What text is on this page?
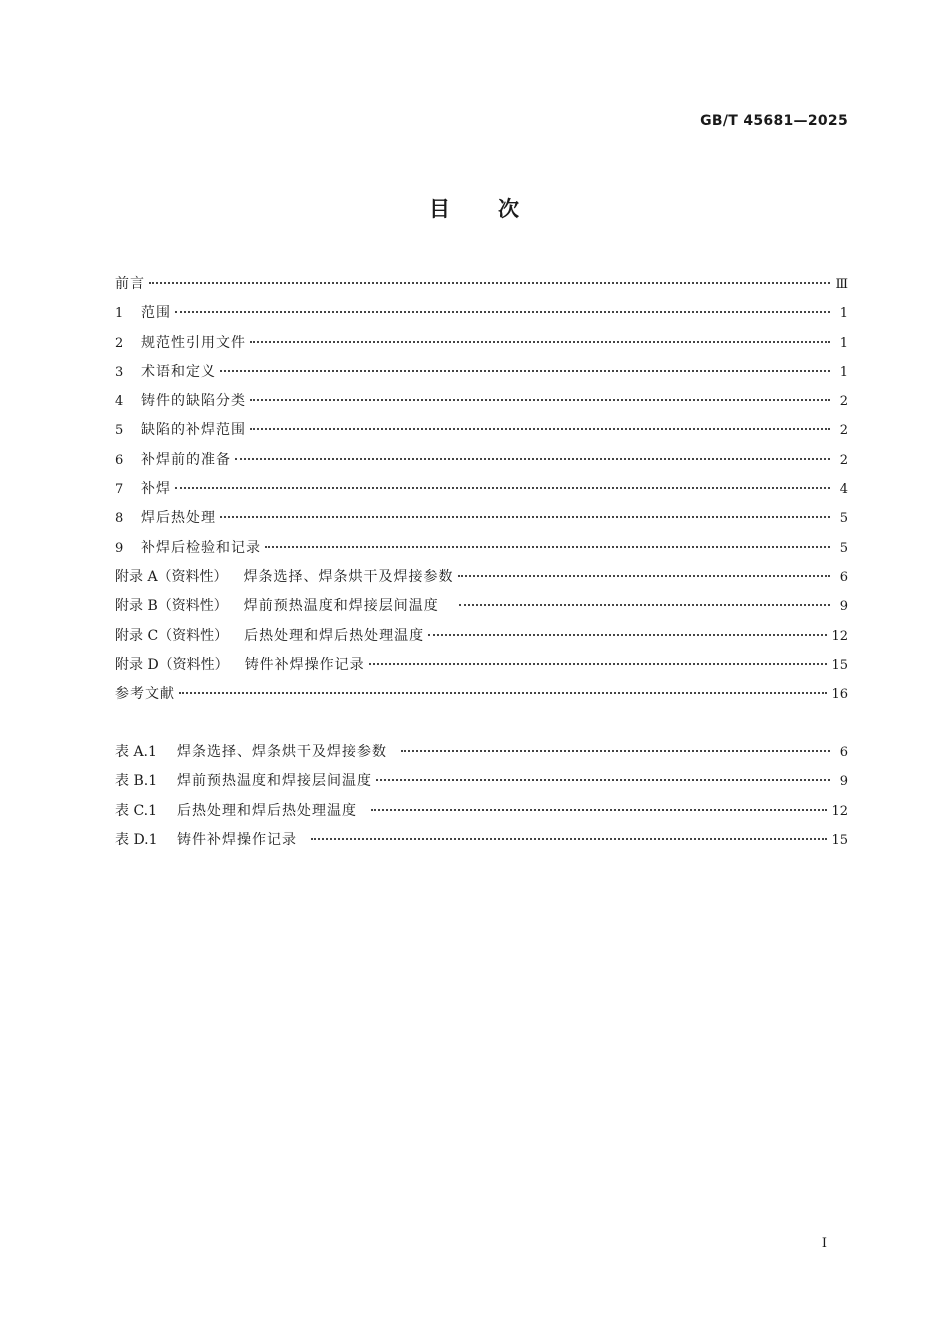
GB/T 45681—2025
目 次
前言	Ⅲ
1	范围	1
2	规范性引用文件	1
3	术语和定义	1
4	铸件的缺陷分类	2
5	缺陷的补焊范围	2
6	补焊前的准备	2
7	补焊	4
8	焊后热处理	5
9	补焊后检验和记录	5
附录 A（资料性） 焊条选择、焊条烘干及焊接参数	6
附录 B（资料性） 焊前预热温度和焊接层间温度	9
附录 C（资料性） 后热处理和焊后热处理温度	12
附录 D（资料性） 铸件补焊操作记录	15
参考文献	16
表 A.1	焊条选择、焊条烘干及焊接参数	6
表 B.1	焊前预热温度和焊接层间温度	9
表 C.1	后热处理和焊后热处理温度	12
表 D.1	铸件补焊操作记录	15
I
